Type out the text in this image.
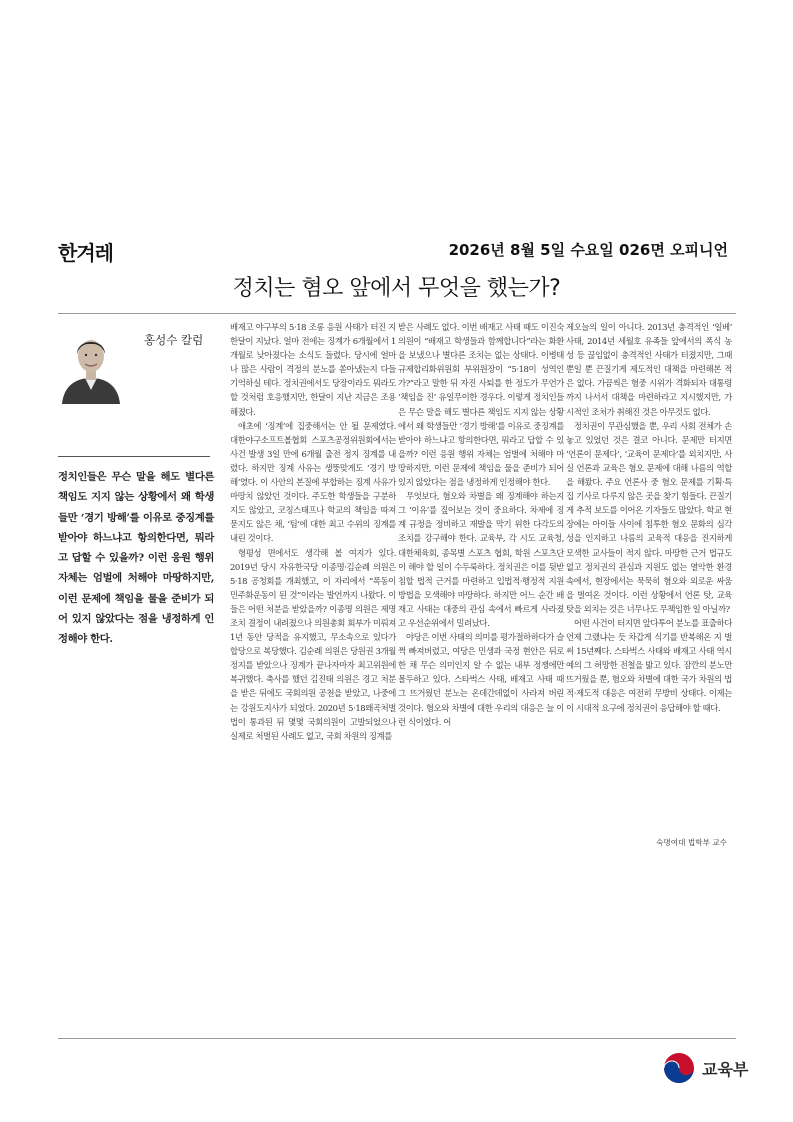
한겨레	2026년 8월 5일 수요일 026면 오피니언
정치는 혐오 앞에서 무엇을 했는가?
홍성수 칼럼
정치인들은 무슨 말을 해도 별다른 책임도 지지 않는 상황에서 왜 학생들만 ‘경기 방해’를 이유로 중징계를 받아야 하느냐고 항의한다면, 뭐라고 답할 수 있을까? 이런 응원 행위 자체는 엄벌에 처해야 마땅하지만, 이런 문제에 책임을 물을 준비가 되어 있지 않았다는 점을 냉정하게 인정해야 한다.

배재고 야구부의 5·18 조롱 응원 사태가 터진 지 한달이 지났다. 얼마 전에는 징계가 6개월에서 1개월로 낮아졌다는 소식도 들렸다. 당시에 얼마나 많은 사람이 격정의 분노를 쏟아냈는지 다들 기억하실 테다. 정치권에서도 당장이라도 뭐라도 할 것처럼 호응했지만, 한달이 지난 지금은 조용해졌다.

애초에 ‘징계’에 집중해서는 안 될 문제였다. 대한야구소프트볼협회 스포츠공정위원회에서는 사건 발생 3일 만에 6개월 출전 정지 징계를 내렸다. 하지만 징계 사유는 생뚱맞게도 ‘경기 방해’였다. 이 사안의 본질에 부합하는 징계 사유가 마땅치 않았던 것이다. 주도한 학생들을 구분하지도 않았고, 코칭스태프나 학교의 책임을 따져 묻지도 않은 채, ‘팀’에 대한 최고 수위의 징계를 내린 것이다.

형평성 면에서도 생각해 볼 여지가 있다. 2019년 당시 자유한국당 이종명·김순례 의원은 5·18 공청회를 개최했고, 이 자리에서 “폭동이 민주화운동이 된 것”이라는 발언까지 나왔다. 이들은 어떤 처분을 받았을까? 이종명 의원은 제명 조치 결정이 내려졌으나 의원총회 회부가 미뤄져 1년 동안 당적을 유지했고, 무소속으로 있다가 합당으로 복당했다. 김순례 의원은 당원권 3개월 정지를 받았으나 징계가 끝나자마자 최고위원에 복귀했다. 축사를 했던 김진태 의원은 경고 처분을 받은 뒤에도 국회의원 공천을 받았고, 나중에는 강원도지사가 되었다. 2020년 5·18왜곡처벌법이 통과된 뒤 몇몇 국회의원이 고발되었으나 실제로 처벌된 사례도 없고, 국회 차원의 징계를

받은 사례도 없다. 이번 배재고 사태 때도 이진숙 의원이 “배재고 학생들과 함께합니다”라는 화환을 보냈으나 별다른 조치는 없는 상태다. 이병태 규제합리화위원회 부위원장이 “5·18이 성역인가?”라고 말한 뒤 자진 사퇴를 한 정도가 무언가 ‘책임을 진’ 유일무이한 경우다. 이렇게 정치인들은 무슨 말을 해도 별다른 책임도 지지 않는 상황에서 왜 학생들만 ‘경기 방해’를 이유로 중징계를 받아야 하느냐고 항의한다면, 뭐라고 답할 수 있을까? 이런 응원 행위 자체는 엄벌에 처해야 마땅하지만, 이런 문제에 책임을 물을 준비가 되어 있지 않았다는 점을 냉정하게 인정해야 한다.

무엇보다, 혐오와 차별을 왜 징계해야 하는지 그 ‘이유’를 짚어보는 것이 중요하다. 차제에 징계 규정을 정비하고 재발을 막기 위한 다각도의 조치를 강구해야 한다. 교육부, 각 시도 교육청, 대한체육회, 종목별 스포츠 협회, 학원 스포츠단이 해야 할 일이 수두룩하다. 정치권은 이를 뒷받침할 법적 근거를 마련하고 입법적·행정적 지원 방법을 모색해야 마땅하다. 하지만 어느 순간 배재고 사태는 대중의 관심 속에서 빠르게 사라졌고 우선순위에서 밀려났다.

야당은 이번 사태의 의미를 평가절하하다가 슬쩍 빠져버렸고, 여당은 민생과 국정 현안은 뒤로한 채 무슨 의미인지 알 수 없는 내부 정쟁에만 몰두하고 있다. 스타벅스 사태, 배재고 사태 때 그 뜨거웠던 분노는 온데간데없이 사라져 버린 것이다. 혐오와 차별에 대한 우리의 대응은 늘 이런 식이었다. 어

제오늘의 일이 아니다. 2013년 충격적인 ‘일베’ 사태, 2014년 세월호 유족들 앞에서의 폭식 농성 등 끊임없이 충격적인 사태가 터졌지만, 그때뿐일 뿐 끈질기게 제도적인 대책을 마련해본 적은 없다. 가끔씩은 혐중 시위가 격화되자 대통령까지 나서서 대책을 마련하라고 지시했지만, 가시적인 조처가 취해진 것은 아무것도 없다.

정치권이 무관심했을 뿐, 우리 사회 전체가 손 놓고 있었던 것은 결코 아니다. 문제만 터지면 ‘언론이 문제다’, ‘교육이 문제다’를 외치지만, 사실 언론과 교육은 혐오 문제에 대해 나름의 역할을 해왔다. 주요 언론사 중 혐오 문제를 기획·특집 기사로 다루지 않은 곳을 찾기 힘들다. 끈질기게 추적 보도를 이어온 기자들도 많았다. 학교 현장에는 아이들 사이에 침투한 혐오 문화의 심각성을 인지하고 나름의 교육적 대응을 진지하게 모색한 교사들이 적지 않다. 마땅한 근거 법규도 없고 정치권의 관심과 지원도 없는 열악한 환경 속에서, 현장에서는 묵묵히 혐오와 외로운 싸움을 벌여온 것이다. 이런 상황에서 언론 탓, 교육 탓을 외치는 것은 너무나도 무책임한 일 아닐까?

어떤 사건이 터지면 앞다투어 분노를 표출하다 언제 그랬냐는 듯 차갑게 식기를 반복해온 지 벌써 15년째다. 스타벅스 사태와 배재고 사태 역시 예의 그 허망한 전철을 밟고 있다. 잠깐의 분노만 뜨거웠을 뿐, 혐오와 차별에 대한 국가 차원의 법적·제도적 대응은 여전히 무방비 상태다. 이제는 이 시대적 요구에 정치권이 응답해야 할 때다.

숙명여대 법학부 교수
교육부
